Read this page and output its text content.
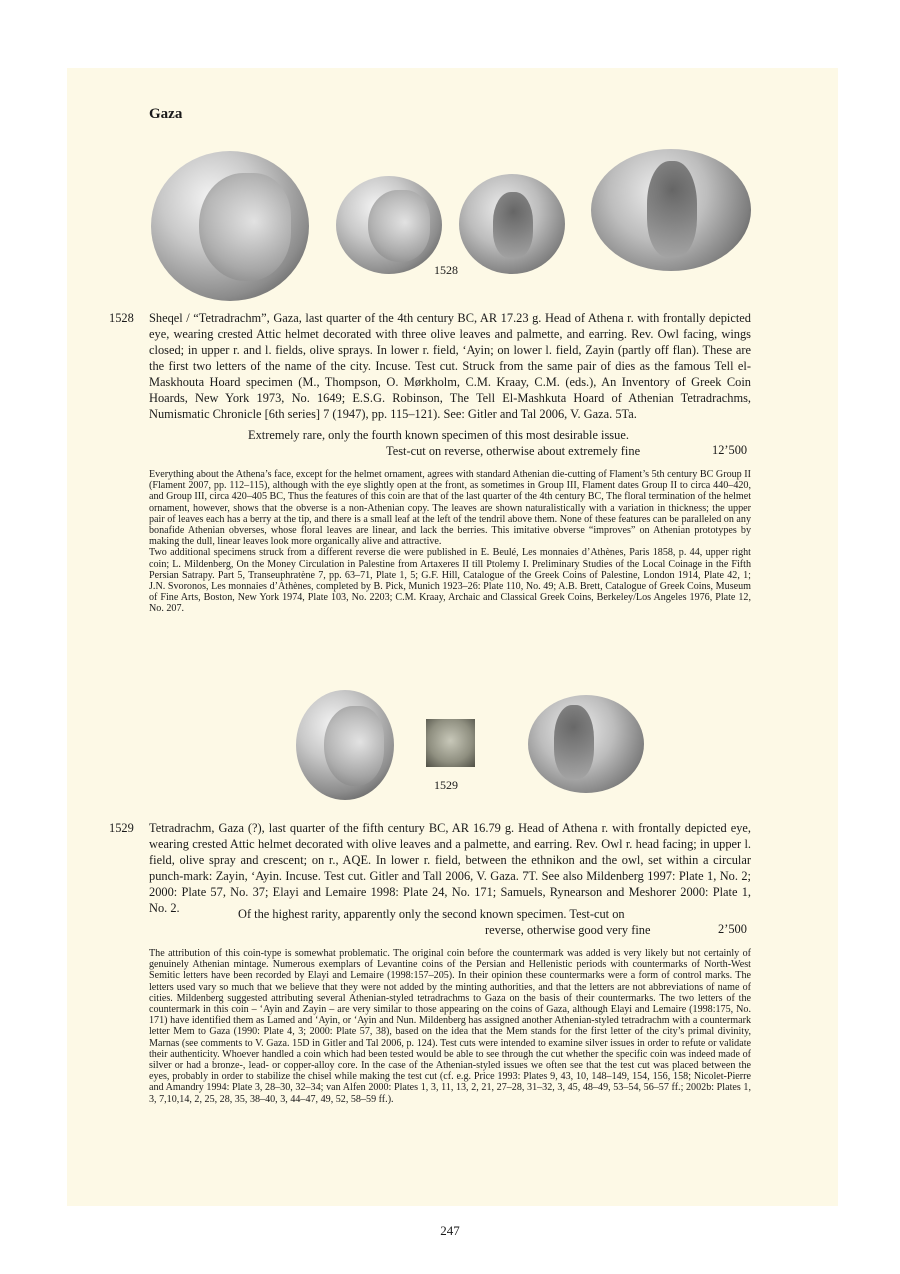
Gaza
1528
1528 Sheqel / “Tetradrachm”, Gaza, last quarter of the 4th century BC, AR 17.23 g. Head of Athena r. with frontally depicted eye, wearing crested Attic helmet decorated with three olive leaves and palmette, and earring. Rev. Owl facing, wings closed; in upper r. and l. fields, olive sprays. In lower r. field, ‘Ayin; on lower l. field, Zayin (partly off flan). These are the first two letters of the name of the city. Incuse. Test cut. Struck from the same pair of dies as the famous Tell el-Maskhouta Hoard specimen (M., Thompson, O. Mørkholm, C.M. Kraay, C.M. (eds.), An Inventory of Greek Coin Hoards, New York 1973, No. 1649; E.S.G. Robinson, The Tell El-Mashkuta Hoard of Athenian Tetradrachms, Numismatic Chronicle [6th series] 7 (1947), pp. 115–121). See: Gitler and Tal 2006, V. Gaza. 5Ta.
Extremely rare, only the fourth known specimen of this most desirable issue.
Test-cut on reverse, otherwise about extremely fine	12’500

Everything about the Athena’s face, except for the helmet ornament, agrees with standard Athenian die-cutting of Flament’s 5th century BC Group II (Flament 2007, pp. 112–115), although with the eye slightly open at the front, as sometimes in Group III, Flament dates Group II to circa 440–420, and Group III, circa 420–405 BC, Thus the features of this coin are that of the last quarter of the 4th century BC, The floral termination of the helmet ornament, however, shows that the obverse is a non-Athenian copy. The leaves are shown naturalistically with a variation in thickness; the upper pair of leaves each has a berry at the tip, and there is a small leaf at the left of the tendril above them. None of these features can be paralleled on any bonafide Athenian obverses, whose floral leaves are linear, and lack the berries. This imitative obverse “improves” on Athenian prototypes by making the dull, linear leaves look more organically alive and attractive.

Two additional specimens struck from a different reverse die were published in E. Beulé, Les monnaies d’Athènes, Paris 1858, p. 44, upper right coin; L. Mildenberg, On the Money Circulation in Palestine from Artaxeres II till Ptolemy I. Preliminary Studies of the Local Coinage in the Fifth Persian Satrapy. Part 5, Transeuphratène 7, pp. 63–71, Plate 1, 5; G.F. Hill, Catalogue of the Greek Coins of Palestine, London 1914, Plate 42, 1; J.N. Svoronos, Les monnaies d’Athènes, completed by B. Pick, Munich 1923–26: Plate 110, No. 49; A.B. Brett, Catalogue of Greek Coins, Museum of Fine Arts, Boston, New York 1974, Plate 103, No. 2203; C.M. Kraay, Archaic and Classical Greek Coins, Berkeley/Los Angeles 1976, Plate 12, No. 207.

1529
1529 Tetradrachm, Gaza (?), last quarter of the fifth century BC, AR 16.79 g. Head of Athena r. with frontally depicted eye, wearing crested Attic helmet decorated with olive leaves and a palmette, and earring. Rev. Owl r. head facing; in upper l. field, olive spray and crescent; on r., AQE. In lower r. field, between the ethnikon and the owl, set within a circular punch-mark: Zayin, ‘Ayin. Incuse. Test cut. Gitler and Tall 2006, V. Gaza. 7T. See also Mildenberg 1997: Plate 1, No. 2; 2000: Plate 57, No. 37; Elayi and Lemaire 1998: Plate 24, No. 171; Samuels, Rynearson and Meshorer 2000: Plate 1, No. 2.	Of the highest rarity, apparently only the second known specimen. Test-cut on
reverse, otherwise good very fine	2’500

The attribution of this coin-type is somewhat problematic. The original coin before the countermark was added is very likely but not certainly of genuinely Athenian mintage. Numerous exemplars of Levantine coins of the Persian and Hellenistic periods with countermarks of North-West Semitic letters have been recorded by Elayi and Lemaire (1998:157–205). In their opinion these countermarks were a form of control marks. The letters used vary so much that we believe that they were not added by the minting authorities, and that the letters are not abbreviations of name of cities. Mildenberg suggested attributing several Athenian-styled tetradrachms to Gaza on the basis of their countermarks. The two letters of the countermark in this coin – ‘Ayin and Zayin – are very similar to those appearing on the coins of Gaza, although Elayi and Lemaire (1998:175, No. 171) have identified them as Lamed and ‘Ayin, or ‘Ayin and Nun. Mildenberg has assigned another Athenian-styled tetradrachm with a countermark letter Mem to Gaza (1990: Plate 4, 3; 2000: Plate 57, 38), based on the idea that the Mem stands for the first letter of the city’s primal divinity, Marnas (see comments to V. Gaza. 15D in Gitler and Tal 2006, p. 124). Test cuts were intended to examine silver issues in order to refute or validate their authenticity. Whoever handled a coin which had been tested would be able to see through the cut whether the specific coin was indeed made of silver or had a bronze-, lead- or copper-alloy core. In the case of the Athenian-styled issues we often see that the test cut was placed between the eyes, probably in order to stabilize the chisel while making the test cut (cf. e.g. Price 1993: Plates 9, 43, 10, 148–149, 154, 156, 158; Nicolet-Pierre and Amandry 1994: Plate 3, 28–30, 32–34; van Alfen 2000: Plates 1, 3, 11, 13, 2, 21, 27–28, 31–32, 3, 45, 48–49, 53–54, 56–57 ff.; 2002b: Plates 1, 3, 7,10,14, 2, 25, 28, 35, 38–40, 3, 44–47, 49, 52, 58–59 ff.).

247
